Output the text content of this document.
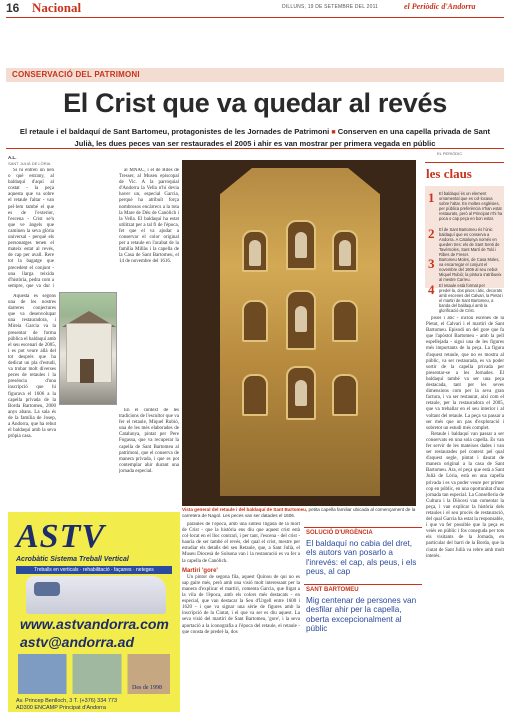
16 Nacional	DILLUNS, 19 DE SETEMBRE DEL 2011	el Periòdic d'Andorra
CONSERVACIÓ DEL PATRIMONI
El Crist que va quedar al revés
El retaule i el baldaquí de Sant Bartomeu, protagonistes de les Jornades de Patrimoni ■ Conserven en una capella privada de Sant Julià, les dues peces van ser restaurades el 2005 i ahir es van mostrar per primera vegada en públic
A.L.
SANT JULIÀ DE LÒRIA
EL PERIÒDIC

Si hi entren un nen o què estrany, al baldaquí d'aquí al costat - la peça aquesta que va sobre el retaule l'altar - van pel·lem també el que es de l'exterior, l'escena - Crist se'n que ve àngels que caminen la seva glòria universal - perquè els personatges tenen el mateix estat al revés, de cap per avall. Rere tot la bagatge que precedent el conjunt - una llarga teixida d'història, pedra com a sempre, que va dur i

Aquesta és segons una de les nostres darreres conjectures que va desenvolupar una restauradora, i Mireia Garcia va la presentar de forma pública el baldaquí amb el seu escenari de 2005, i es pot veure allà del tot després que ha dedicat un pla d'estudi, va trobar molt diverses peces de retaules i la presència d'una inscripció que hi figurava el 1606 a la capella privada de la Borda Bartomeu, 2000 anys abans. La sala és de la família de Josep, a Andorra, que ha rebut el baldaquí amb la seva pròpia casa.

al MNAC, i el de Rites de Tresser, al Museu episcopal de Vic. A la parroquial d'Andorra la Vella n'hi devia haver un, especial Garcia, perquè ha atribuït força nombrosos encàrrecs a la tota la Mare de Déu de Canòlich i la Vella. El baldaquí ha estat utilitzat per a tal fi de l'època, fet que el va ajudar a conservar el color original per a retaule en l'acabat de la família Millàs i la capella de la Casa de Sant Bartomeu, el 14 de novembre del 1616.

En el context de les tradicions de l'escultor que va fer el retaule, Miquel Rubió, una de les més elaborades de Catalunya, pintat per Pere Fogassa, que va recuperar la capella de Sant Bartomeu al patrimoni, que el conserva de manera privada, i que es pot contemplar ahir durant una jornada especial.

Vista general del retaule i del baldaquí de Sant Bartomeu, petita capella familiar ubicada al començament de la carretera de Nagol. Les peces van ser datades el 1606.
les claus
1 El baldaquí és un element ornamental que es col·locava sobre l'altar. En moltes esglésies, per pública preferència n'han estat restaurats, però al Principat n'hi ha poca o cap peça en bon estat.
2 El de Sant Bartomeu és l'únic baldaquí que es conserva a Andorra. A Catalunya només en queden tres: els de Sant Senti de Tavèrnoles, Sant Martí de Toló i Ribes de Freser.
3 Bartomeu Moles, de Casa Moles, va encarregar el conjunt el novembre del 1606 al seu nebot Miquel Rubió; la pintura s'atribueix al mestre Carreu.
4 El retaule està format per predel·la, dos pisos i àtic, decorats amb escenes del Calvari, la Pietat i el martiri de Sant Bartomeu, a banda del baldaquí amb la glorificació de Crist.

pisos i àtic - inclou escenes de la Pietat, el Calvari i el martiri de Sant Bartomeu. Episodi un del gore que fa que l'apòstol Bartomeu - amb la pell espellejada - sigui una de les figures més importants de la peça. La figura d'aquest retaule, que no es mostra al públic, va ser restaurada, es va poder sortir de la capella privada per presentar-se a les Jornades. El baldaquí també va ser una peça destacada, tant per les seves dimensions com per la seva gran factura, i va ser restaurat, així com el retaule, per la restauradora el 2005, que va treballar en el seu interior i al voltant del retaule. La peça va passar a ser més que un pas d'exploració i sobretot un estudi més complet.

Retaule i baldaquí van passar a ser conservats en una sola capella. Es van fer servir de les mateixes dades i van ser restaurades pel context pel qual d'aquest segle, pintat i daurat de manera original a la casa de Sant Bartomeu. Ara, el peça que està a Sant Julià de Lòria, està en una capella privada i es va poder veure per primer cop en públic, en una oportunitat d'una jornada tan especial. La Conselleria de Cultura i la Diòcesi van comentar la peça, i van explicar la història dels retaules i el seu procés de restauració, del qual Garcia ha estat la responsable, i que va fer possible que la peça es veiés en públic i fos coneguda per tots els visitants de la Jornada, en particular del barri de la Borda, que la ciutat de Sant Julià va rebre amb molt interès.

paraules de l'època, amb una síntesi lligada de la mort de Crist - que la història ens diu que aquest crist està col·locat en el lloc contrari, i per tant, l'escena - del crist - hauria de ser també el revés, del qual el crist, mestre per estudiar els detalls del seu Retaule, que, a Sant Julià, el Museu Diocesà de Solsona van i la restauració es va fer a la capella de Canòlich.

Martiri 'gore'

Un pintor de segona fila, aquest Quinou de qui no es sap gaire més, però amb una visió molt interessant per la manera d'explicar el martiri, comenta Garcia, que lligat a la vila de l'època, amb els colors més destacats - en especial, que van destacar la Seu d'Urgell entre 1600 i 1620 - i que va signar una sèrie de figures amb la inscripció de la Ciutat, i el que va ser es diu aquest. La seva visió del martiri de Sant Bartomeu, 'gore', i la seva aportació a la iconografia a l'època del retaule, el retaule - que consta de predel·la, dos

SOLUCIÓ D'URGÈNCIA
El baldaquí no cabia del dret, els autors van posarlo a l'inrevés: el cap, als peus, i els peus, al cap
SANT BARTOMEU
Mig centenar de persones van desfilar ahir per la capella, oberta excepcionalment al públic
ASTV
Acrobàtic Sistema Treball Vertical
Treballs en verticals · rehabilitació · façanes · neteges
www.astvandorra.com
astv@andorra.ad
Des de 1998
Av. Princep Benlloch, 3 T. (+376) 334 773
AD300 ENCAMP Principat d'Andorra
